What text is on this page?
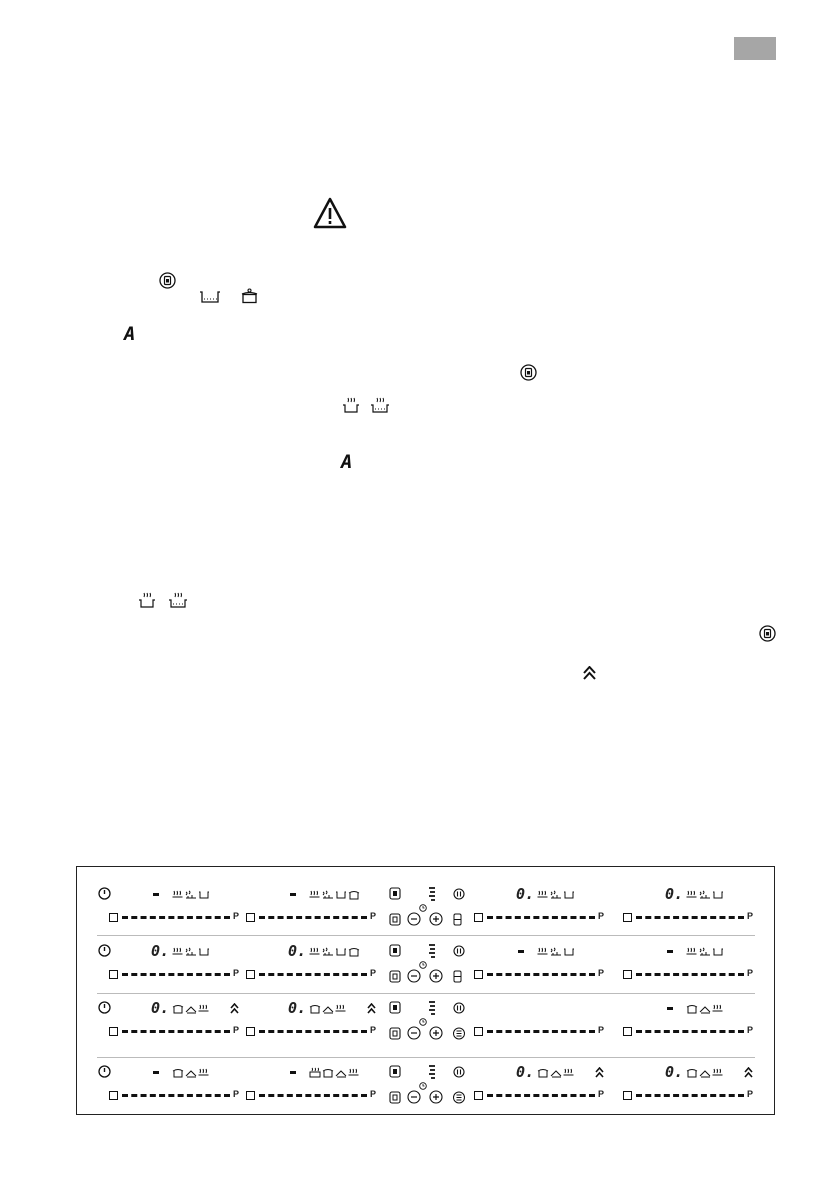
A
A
P	P
0.
P
0.
P
0.
P
0.
P	P	P
0.
P
0.
P	P	P
P	P
0.
P
0.
P
